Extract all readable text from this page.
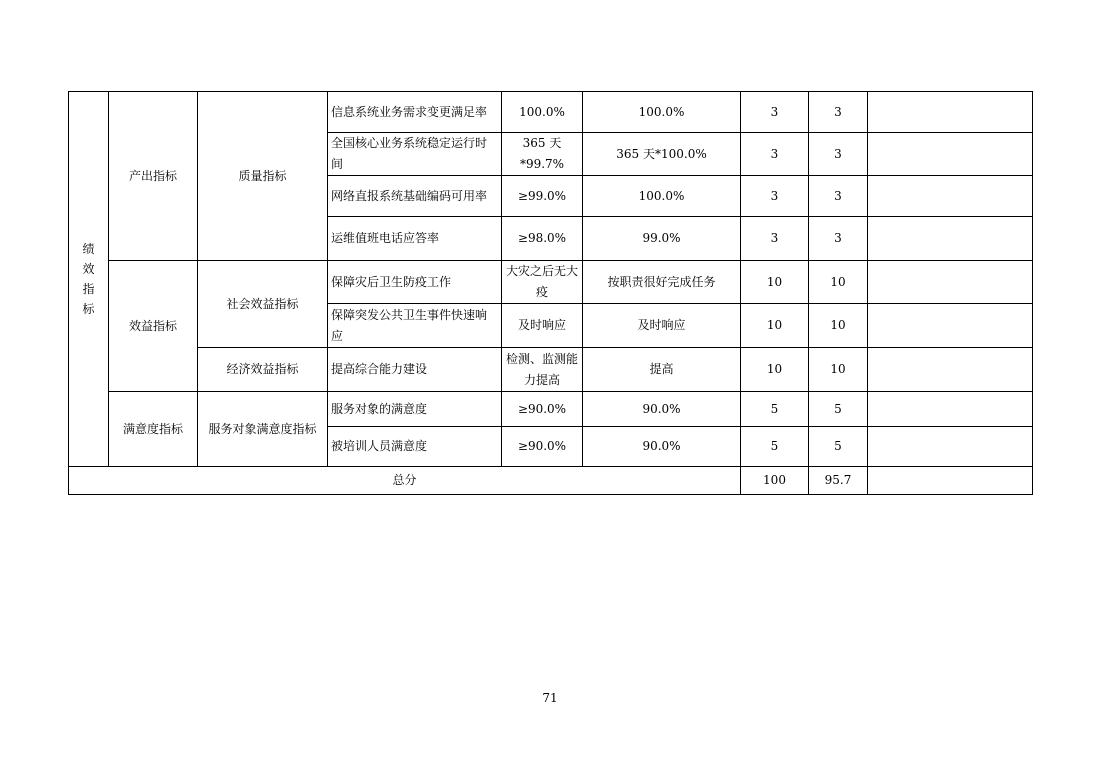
绩
效
指
标	产出指标	质量指标	信息系统业务需求变更满足率	100.0%	100.0%	3	3	
			全国核心业务系统稳定运行时间	365 天*99.7%	365 天*100.0%	3	3	
			网络直报系统基础编码可用率	≥99.0%	100.0%	3	3	
			运维值班电话应答率	≥98.0%	99.0%	3	3	
	效益指标	社会效益指标	保障灾后卫生防疫工作	大灾之后无大疫	按职责很好完成任务	10	10	
			保障突发公共卫生事件快速响应	及时响应	及时响应	10	10	
		经济效益指标	提高综合能力建设	检测、监测能力提高	提高	10	10	
	满意度指标	服务对象满意度指标	服务对象的满意度	≥90.0%	90.0%	5	5	
			被培训人员满意度	≥90.0%	90.0%	5	5	
总分						100	95.7	
71
